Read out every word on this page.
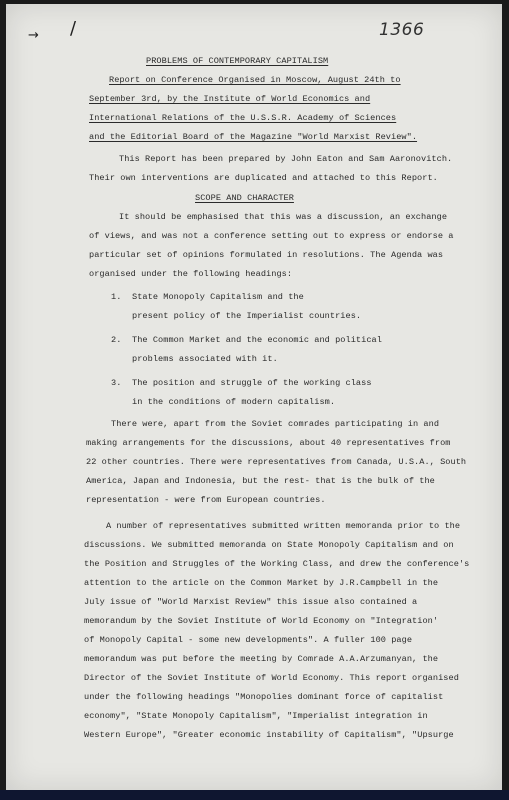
→ /	1366
PROBLEMS OF CONTEMPORARY CAPITALISM
Report on Conference Organised in Moscow, August 24th to
September 3rd, by the Institute of World Economics and
International Relations of the U.S.S.R. Academy of Sciences
and the Editorial Board of the Magazine "World Marxist Review".
This Report has been prepared by John Eaton and Sam Aaronovitch.
Their own interventions are duplicated and attached to this Report.
SCOPE AND CHARACTER
It should be emphasised that this was a discussion, an exchange
of views, and was not a conference setting out to express or endorse a
particular set of opinions formulated in resolutions. The Agenda was
organised under the following headings:
1. State Monopoly Capitalism and the
present policy of the Imperialist countries.
2. The Common Market and the economic and political
problems associated with it.
3. The position and struggle of the working class
in the conditions of modern capitalism.
There were, apart from the Soviet comrades participating in and
making arrangements for the discussions, about 40 representatives from
22 other countries. There were representatives from Canada, U.S.A., South
America, Japan and Indonesia, but the rest- that is the bulk of the
representation - were from European countries.
A number of representatives submitted written memoranda prior to the
discussions. We submitted memoranda on State Monopoly Capitalism and on
the Position and Struggles of the Working Class, and drew the conference's
attention to the article on the Common Market by J.R.Campbell in the
July issue of "World Marxist Review" this issue also contained a
memorandum by the Soviet Institute of World Economy on "Integration'
of Monopoly Capital - some new developments". A fuller 100 page
memorandum was put before the meeting by Comrade A.A.Arzumanyan, the
Director of the Soviet Institute of World Economy. This report organised
under the following headings "Monopolies dominant force of capitalist
economy", "State Monopoly Capitalism", "Imperialist integration in
Western Europe", "Greater economic instability of Capitalism", "Upsurge
